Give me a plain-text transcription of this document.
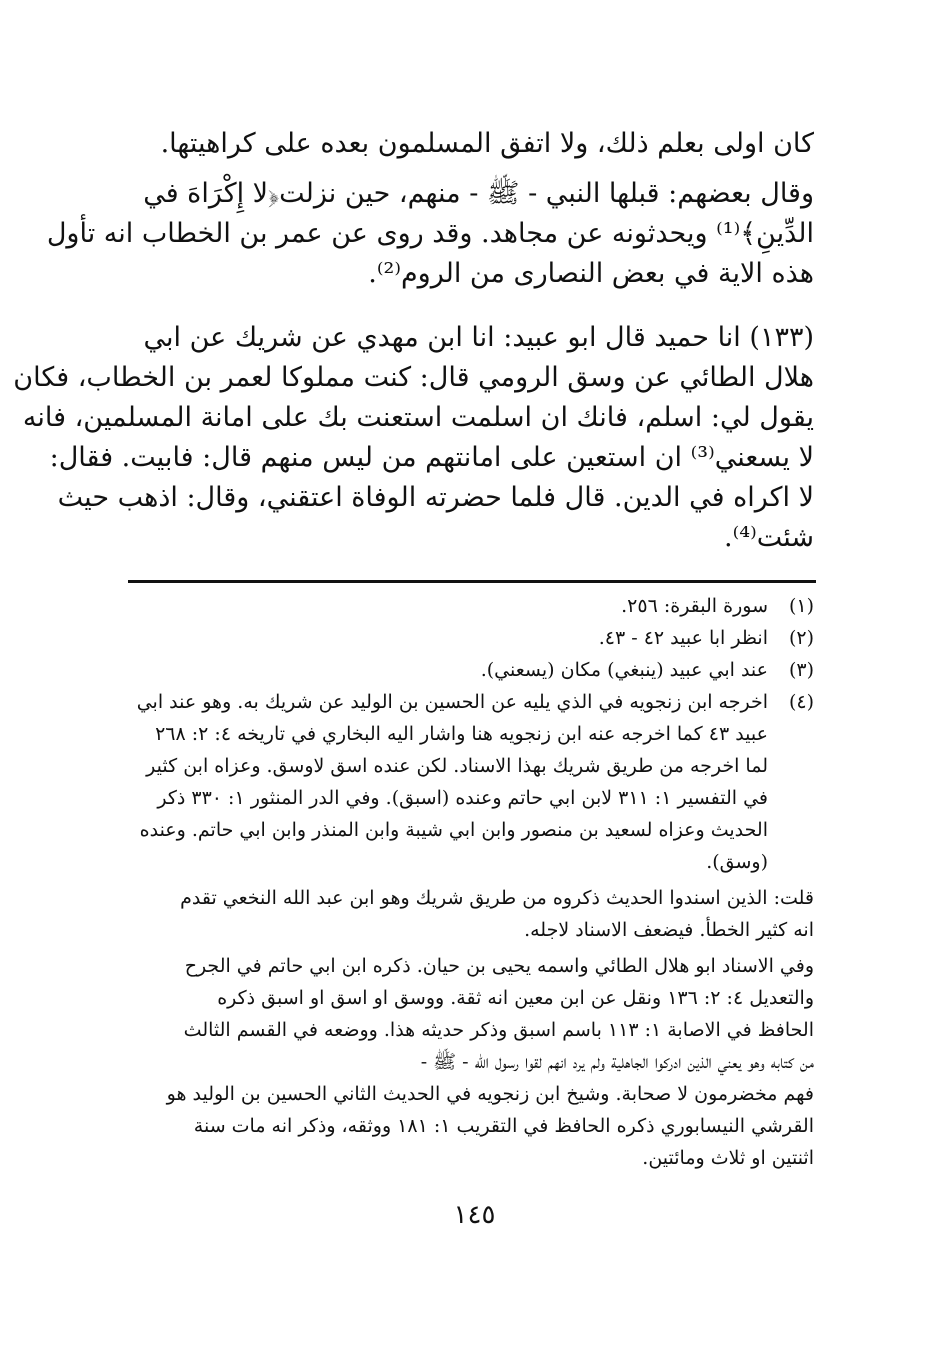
كان اولى بعلم ذلك، ولا اتفق المسلمون بعده على كراهيتها.
وقال بعضهم: قبلها النبي - ﷺ - منهم، حين نزلت﴿لا إِكْرَاهَ في
الدِّينِ﴾⁽¹⁾ ويحدثونه عن مجاهد. وقد روى عن عمر بن الخطاب انه تأول
هذه الاية في بعض النصارى من الروم⁽²⁾.
(١٣٣) انا حميد قال ابو عبيد: انا ابن مهدي عن شريك عن ابي
هلال الطائي عن وسق الرومي قال: كنت مملوكا لعمر بن الخطاب، فكان
يقول لي: اسلم، فانك ان اسلمت استعنت بك على امانة المسلمين، فانه
لا يسعني⁽³⁾ ان استعين على امانتهم من ليس منهم قال: فابيت. فقال:
لا اكراه في الدين. قال فلما حضرته الوفاة اعتقني، وقال: اذهب حيث
شئت⁽⁴⁾.
(١)
سورة البقرة: ٢٥٦.
(٢)
انظر ابا عبيد ٤٢ - ٤٣.
(٣)
عند ابي عبيد (ينبغي) مكان (يسعني).
(٤)
اخرجه ابن زنجويه في الذي يليه عن الحسين بن الوليد عن شريك به. وهو عند ابي
عبيد ٤٣ كما اخرجه عنه ابن زنجويه هنا واشار اليه البخاري في تاريخه ٤: ٢: ٢٦٨
لما اخرجه من طريق شريك بهذا الاسناد. لكن عنده اسق لاوسق. وعزاه ابن كثير
في التفسير ١: ٣١١ لابن ابي حاتم وعنده (اسبق). وفي الدر المنثور ١: ٣٣٠ ذكر
الحديث وعزاه لسعيد بن منصور وابن ابي شيبة وابن المنذر وابن ابي حاتم. وعنده
(وسق).
قلت: الذين اسندوا الحديث ذكروه من طريق شريك وهو ابن عبد الله النخعي تقدم
انه كثير الخطأ. فيضعف الاسناد لاجله.
وفي الاسناد ابو هلال الطائي واسمه يحيى بن حيان. ذكره ابن ابي حاتم في الجرح
والتعديل ٤: ٢: ١٣٦ ونقل عن ابن معين انه ثقة. ووسق او اسق او اسبق ذكره
الحافظ في الاصابة ١: ١١٣ باسم اسبق وذكر حديثه هذا. ووضعه في القسم الثالث
من كتابه وهو يعني الذين ادركوا الجاهلية ولم يرد انهم لقوا رسول الله - ﷺ -
فهم مخضرمون لا صحابة. وشيخ ابن زنجويه في الحديث الثاني الحسين بن الوليد هو
القرشي النيسابوري ذكره الحافظ في التقريب ١: ١٨١ ووثقه، وذكر انه مات سنة
اثنتين او ثلاث ومائتين.
١٤٥
